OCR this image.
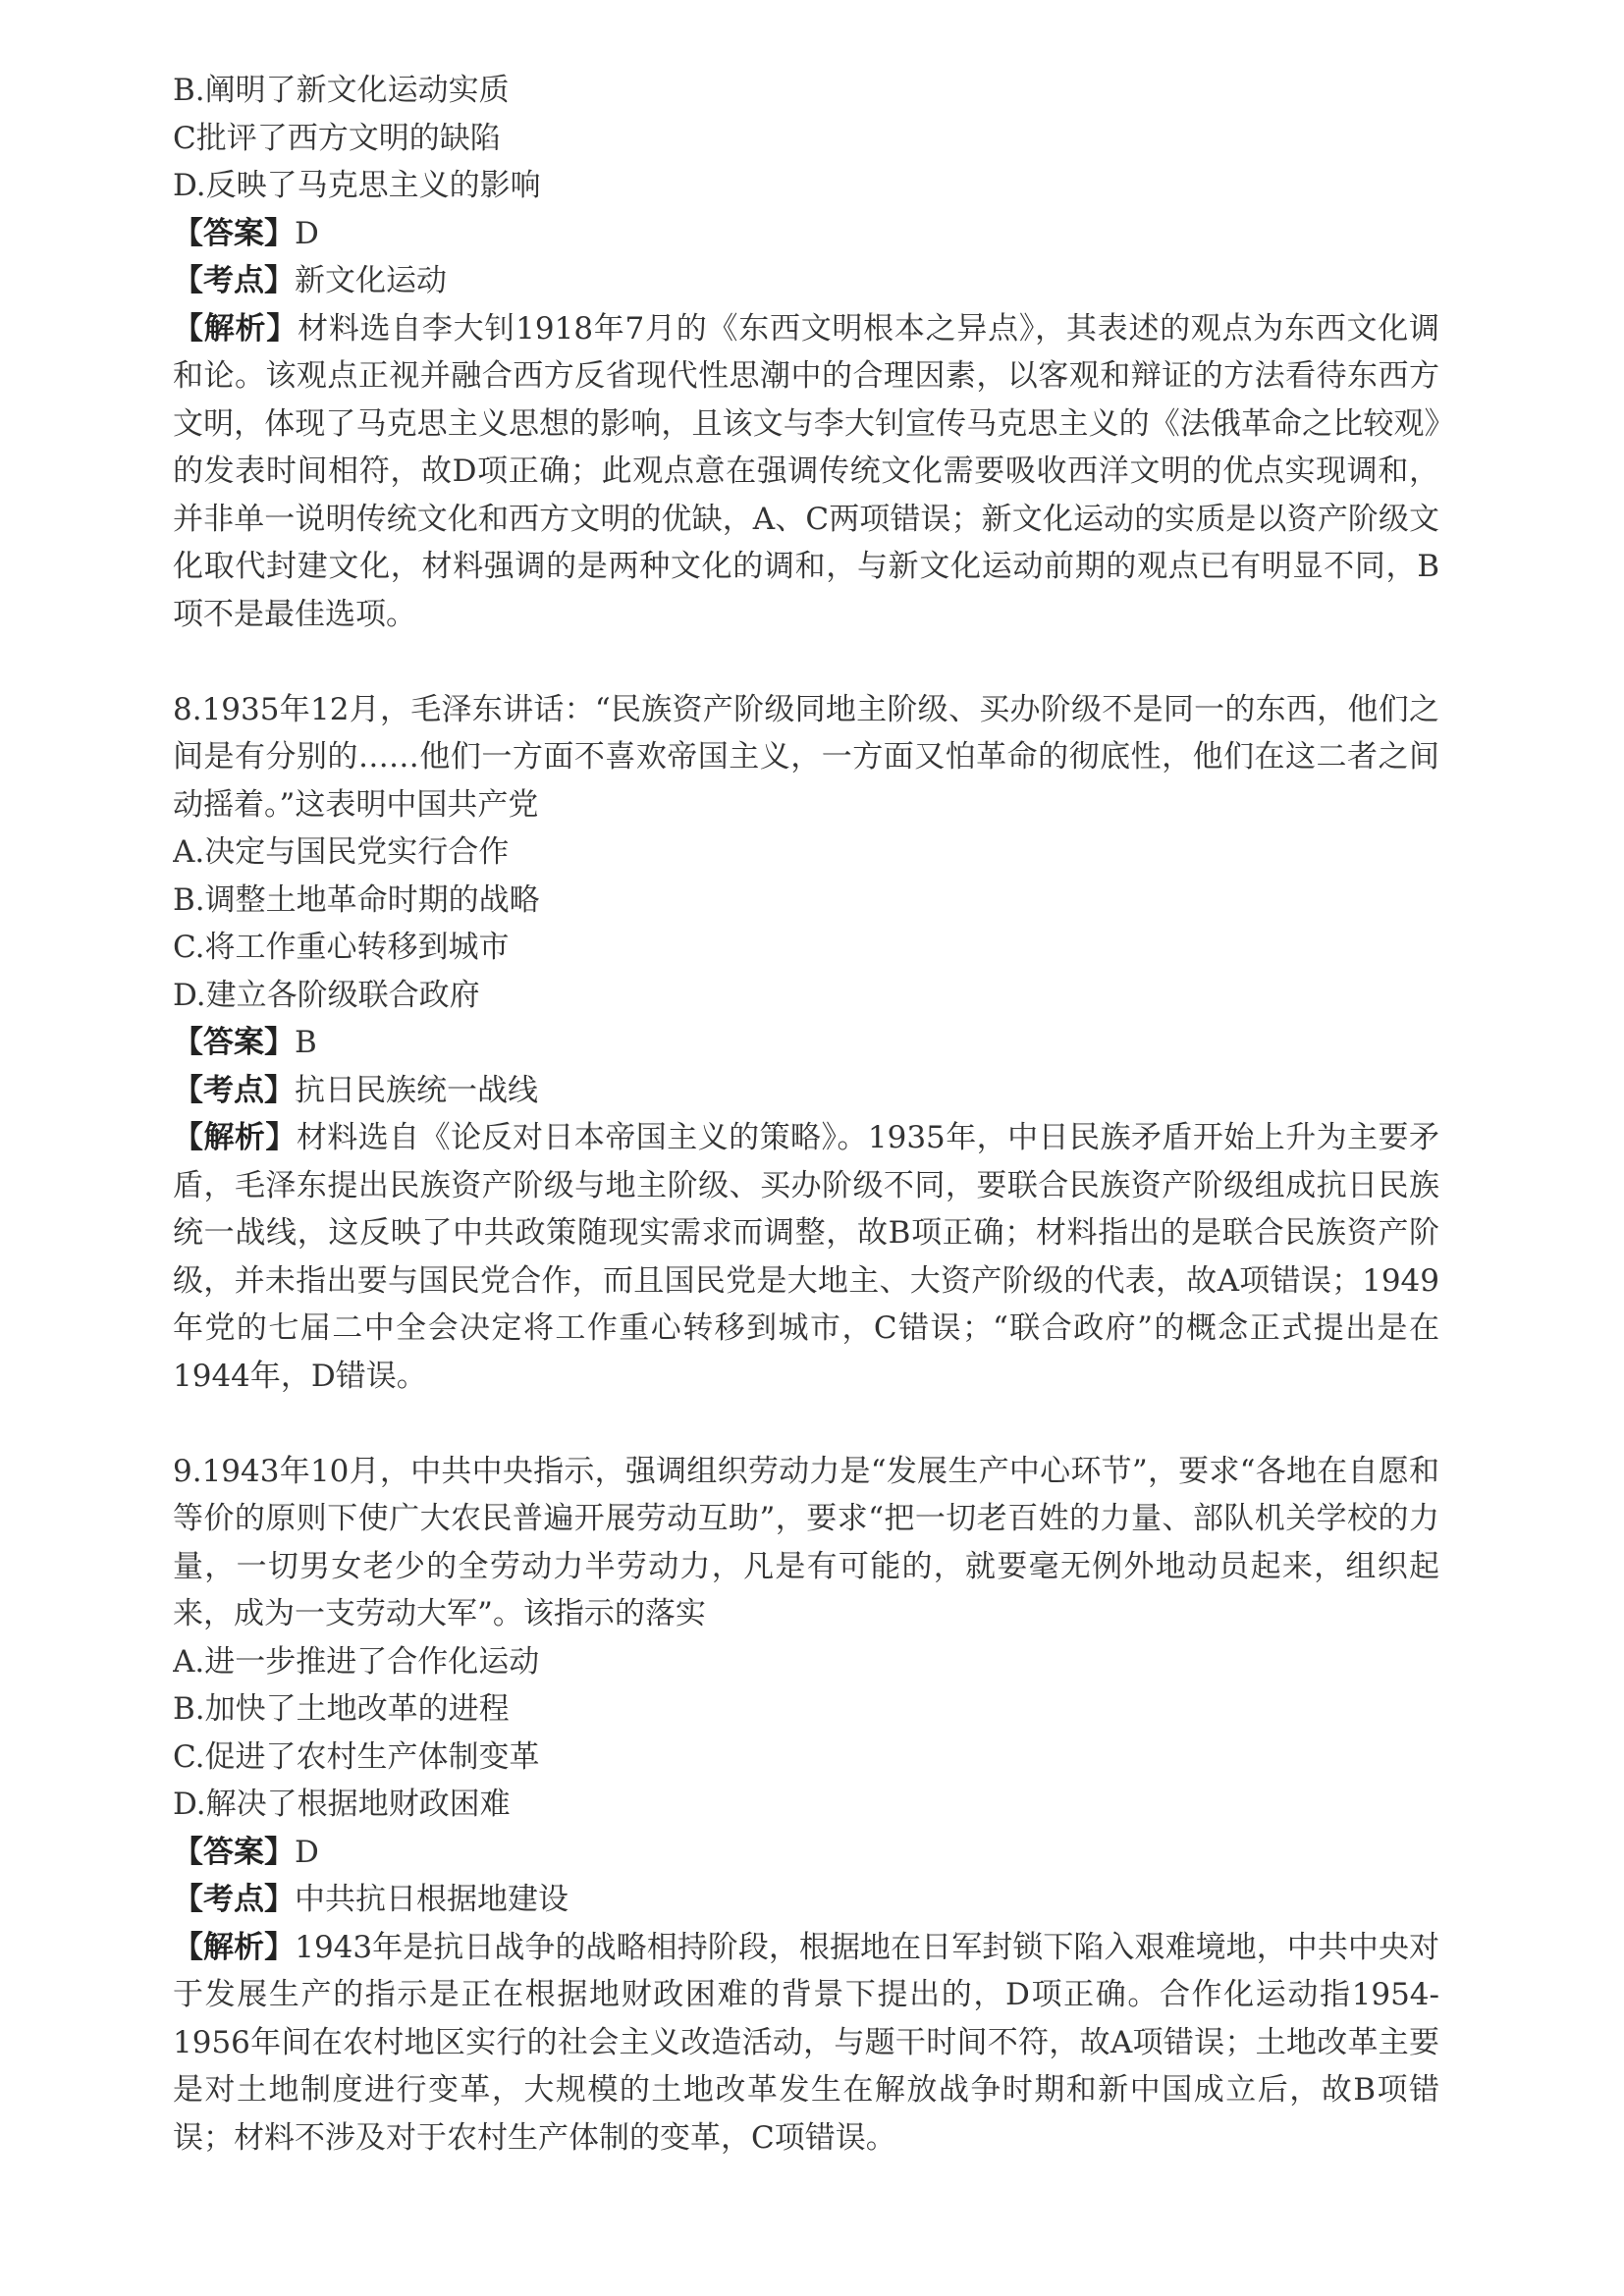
B.阐明了新文化运动实质
C批评了西方文明的缺陷
D.反映了马克思主义的影响
【答案】D
【考点】新文化运动

【解析】材料选自李大钊1918年7月的《东西文明根本之异点》，其表述的观点为东西文化调和论。该观点正视并融合西方反省现代性思潮中的合理因素，以客观和辩证的方法看待东西方文明，体现了马克思主义思想的影响，且该文与李大钊宣传马克思主义的《法俄革命之比较观》的发表时间相符，故D项正确；此观点意在强调传统文化需要吸收西洋文明的优点实现调和，并非单一说明传统文化和西方文明的优缺，A、C两项错误；新文化运动的实质是以资产阶级文化取代封建文化，材料强调的是两种文化的调和，与新文化运动前期的观点已有明显不同，B项不是最佳选项。

8.1935年12月，毛泽东讲话：“民族资产阶级同地主阶级、买办阶级不是同一的东西，他们之间是有分别的……他们一方面不喜欢帝国主义，一方面又怕革命的彻底性，他们在这二者之间动摇着。”这表明中国共产党

A.决定与国民党实行合作
B.调整土地革命时期的战略
C.将工作重心转移到城市
D.建立各阶级联合政府
【答案】B
【考点】抗日民族统一战线

【解析】材料选自《论反对日本帝国主义的策略》。1935年，中日民族矛盾开始上升为主要矛盾，毛泽东提出民族资产阶级与地主阶级、买办阶级不同，要联合民族资产阶级组成抗日民族统一战线，这反映了中共政策随现实需求而调整，故B项正确；材料指出的是联合民族资产阶级，并未指出要与国民党合作，而且国民党是大地主、大资产阶级的代表，故A项错误；1949年党的七届二中全会决定将工作重心转移到城市，C错误；“联合政府”的概念正式提出是在1944年，D错误。

9.1943年10月，中共中央指示，强调组织劳动力是“发展生产中心环节”，要求“各地在自愿和等价的原则下使广大农民普遍开展劳动互助”，要求“把一切老百姓的力量、部队机关学校的力量，一切男女老少的全劳动力半劳动力，凡是有可能的，就要毫无例外地动员起来，组织起来，成为一支劳动大军”。该指示的落实

A.进一步推进了合作化运动
B.加快了土地改革的进程
C.促进了农村生产体制变革
D.解决了根据地财政困难
【答案】D
【考点】中共抗日根据地建设

【解析】1943年是抗日战争的战略相持阶段，根据地在日军封锁下陷入艰难境地，中共中央对于发展生产的指示是正在根据地财政困难的背景下提出的，D项正确。合作化运动指1954-1956年间在农村地区实行的社会主义改造活动，与题干时间不符，故A项错误；土地改革主要是对土地制度进行变革，大规模的土地改革发生在解放战争时期和新中国成立后，故B项错误；材料不涉及对于农村生产体制的变革，C项错误。
